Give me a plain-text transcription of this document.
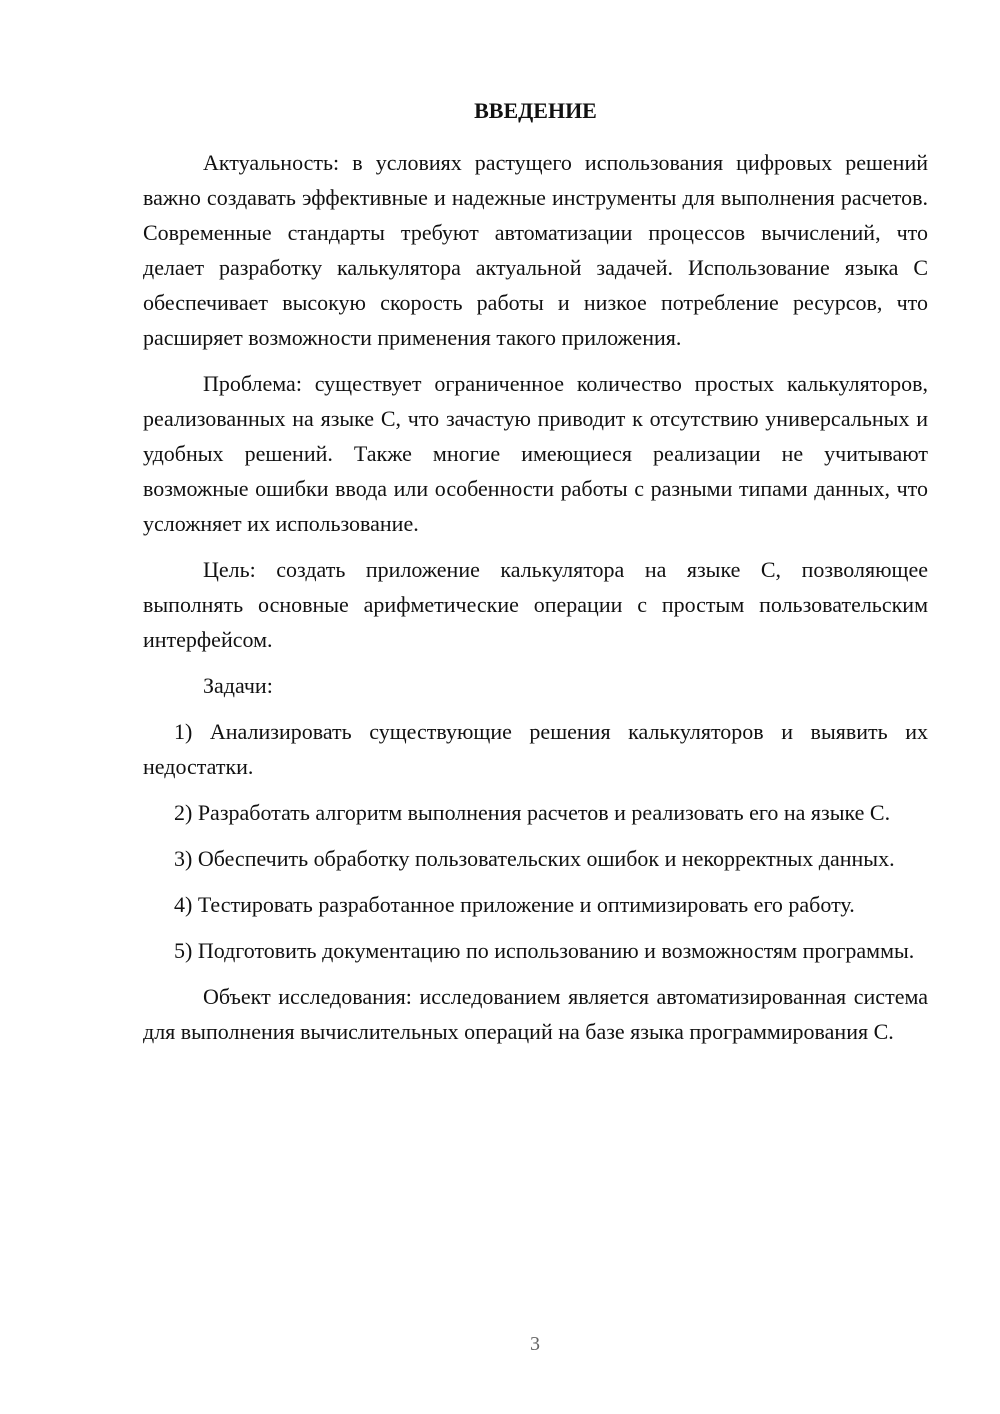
ВВЕДЕНИЕ

Актуальность: в условиях растущего использования цифровых решений важно создавать эффективные и надежные инструменты для выполнения расчетов. Современные стандарты требуют автоматизации процессов вычислений, что делает разработку калькулятора актуальной задачей. Использование языка С обеспечивает высокую скорость работы и низкое потребление ресурсов, что расширяет возможности применения такого приложения.

Проблема: существует ограниченное количество простых калькуляторов, реализованных на языке С, что зачастую приводит к отсутствию универсальных и удобных решений. Также многие имеющиеся реализации не учитывают возможные ошибки ввода или особенности работы с разными типами данных, что усложняет их использование.

Цель: создать приложение калькулятора на языке С, позволяющее выполнять основные арифметические операции с простым пользовательским интерфейсом.

Задачи:

1) Анализировать существующие решения калькуляторов и выявить их недостатки.

2) Разработать алгоритм выполнения расчетов и реализовать его на языке С.

3) Обеспечить обработку пользовательских ошибок и некорректных данных.

4) Тестировать разработанное приложение и оптимизировать его работу.

5) Подготовить документацию по использованию и возможностям программы.

Объект исследования: исследованием является автоматизированная система для выполнения вычислительных операций на базе языка программирования С.

3
